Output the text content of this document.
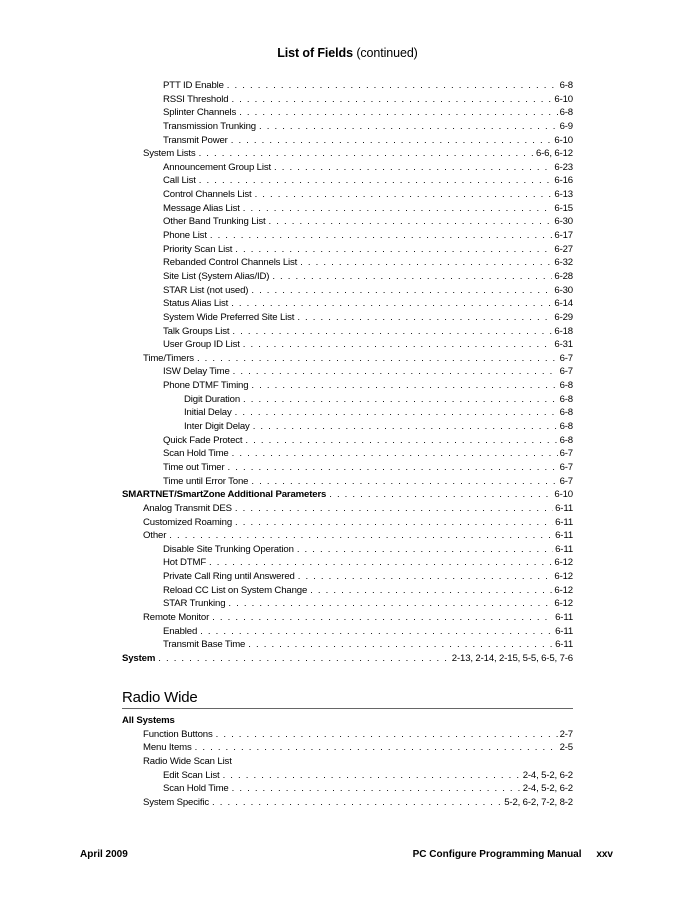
List of Fields (continued)
PTT ID Enable . . .	6-8
RSSI Threshold . . .	6-10
Splinter Channels . . .	6-8
Transmission Trunking . . .	6-9
Transmit Power . . .	6-10
System Lists . . .	6-6, 6-12
Announcement Group List . . .	6-23
Call List . . .	6-16
Control Channels List . . .	6-13
Message Alias List . . .	6-15
Other Band Trunking List . . .	6-30
Phone List . . .	6-17
Priority Scan List . . .	6-27
Rebanded Control Channels List . . .	6-32
Site List (System Alias/ID) . . .	6-28
STAR List (not used) . . .	6-30
Status Alias List . . .	6-14
System Wide Preferred Site List . . .	6-29
Talk Groups List . . .	6-18
User Group ID List . . .	6-31
Time/Timers . . .	6-7
ISW Delay Time . . .	6-7
Phone DTMF Timing . . .	6-8
Digit Duration . . .	6-8
Initial Delay . . .	6-8
Inter Digit Delay . . .	6-8
Quick Fade Protect . . .	6-8
Scan Hold Time . . .	6-7
Time out Timer . . .	6-7
Time until Error Tone . . .	6-7
SMARTNET/SmartZone Additional Parameters . . .	6-10
Analog Transmit DES . . .	6-11
Customized Roaming . . .	6-11
Other . . .	6-11
Disable Site Trunking Operation . . .	6-11
Hot DTMF . . .	6-12
Private Call Ring until Answered . . .	6-12
Reload CC List on System Change . . .	6-12
STAR Trunking . . .	6-12
Remote Monitor . . .	6-11
Enabled . . .	6-11
Transmit Base Time . . .	6-11
System . . .	2-13, 2-14, 2-15, 5-5, 6-5, 7-6
Radio Wide
All Systems
Function Buttons . . .	2-7
Menu Items . . .	2-5
Radio Wide Scan List
Edit Scan List . . .	2-4, 5-2, 6-2
Scan Hold Time . . .	2-4, 5-2, 6-2
System Specific . . .	5-2, 6-2, 7-2, 8-2
April 2009	PC Configure Programming Manual xxv
